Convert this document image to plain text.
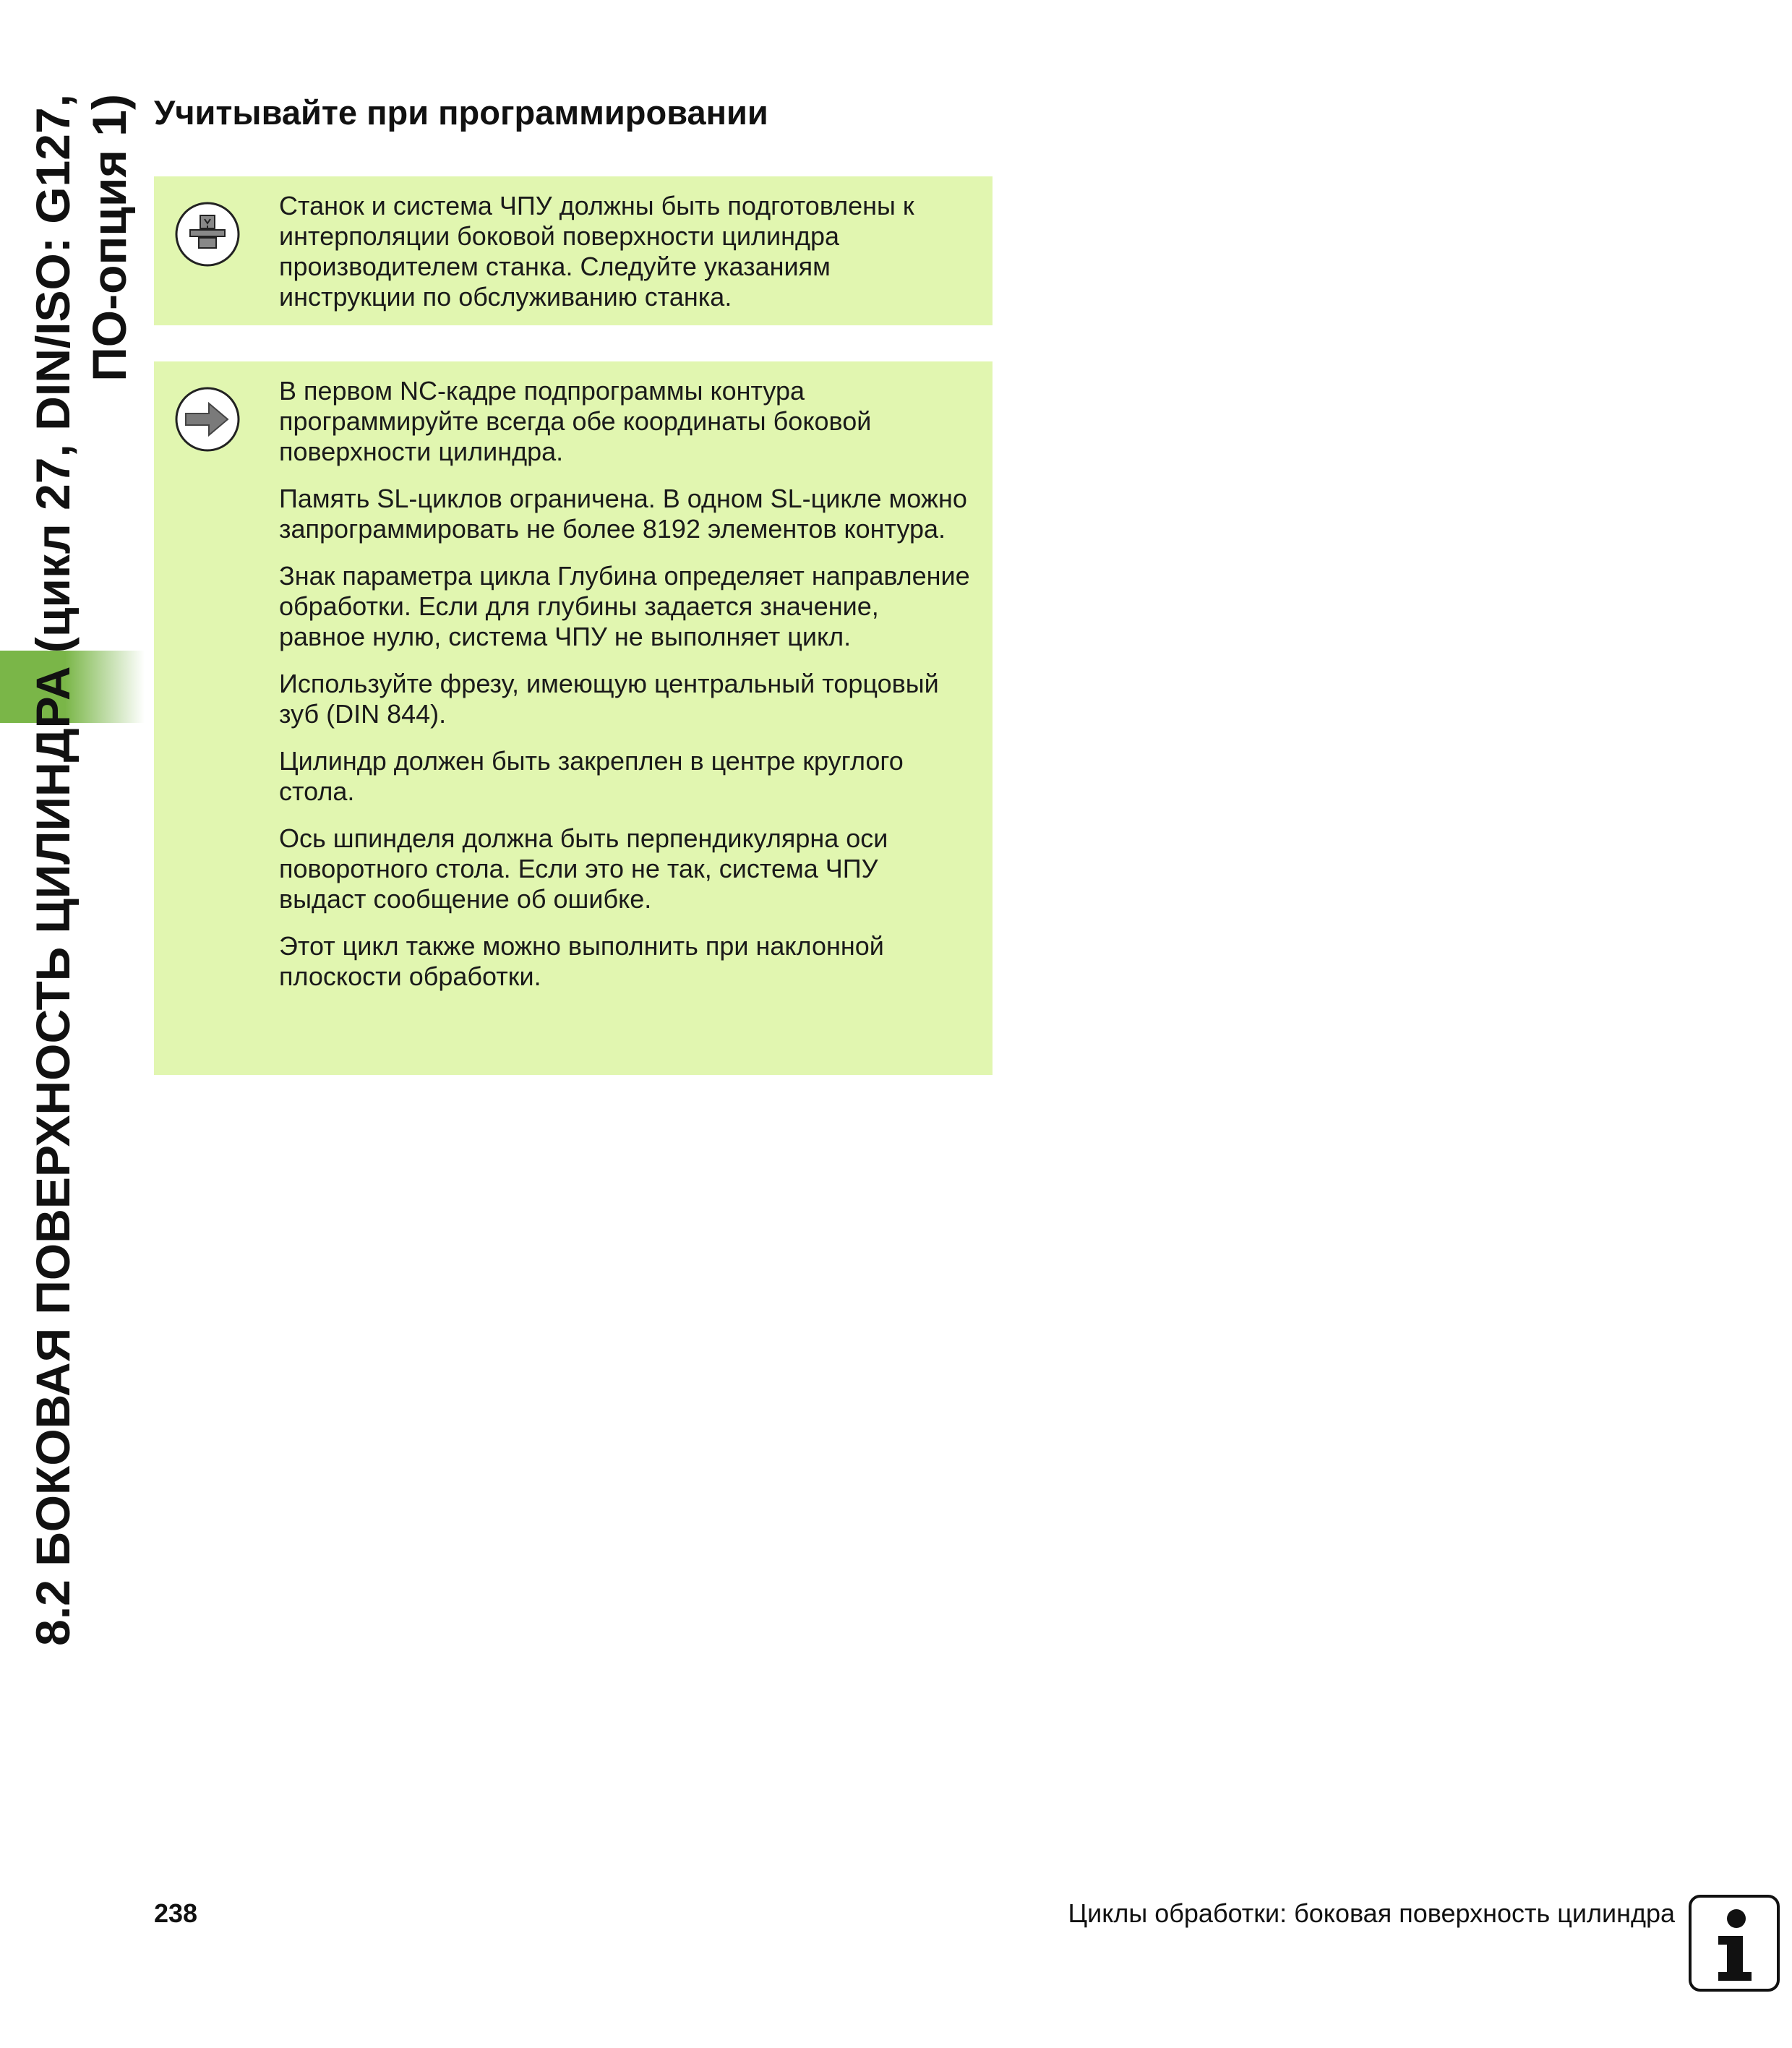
8.2 БОКОВАЯ ПОВЕРХНОСТЬ ЦИЛИНДРА (цикл 27, DIN/ISO: G127, ПО-опция 1) Учитывайте при программировании

Станок и система ЧПУ должны быть подготовлены к интерполяции боковой поверхности цилиндра производителем станка. Следуйте указаниям инструкции по обслуживанию станка.

В первом NC-кадре подпрограммы контура программируйте всегда обе координаты боковой поверхности цилиндра.

Память SL-циклов ограничена. В одном SL-цикле можно запрограммировать не более 8192 элементов контура.

Знак параметра цикла Глубина определяет направление обработки. Если для глубины задается значение, равное нулю, система ЧПУ не выполняет цикл.

Используйте фрезу, имеющую центральный торцовый зуб (DIN 844).

Цилиндр должен быть закреплен в центре круглого стола.

Ось шпинделя должна быть перпендикулярна оси поворотного стола. Если это не так, система ЧПУ выдаст сообщение об ошибке.

Этот цикл также можно выполнить при наклонной плоскости обработки.

238	Циклы обработки: боковая поверхность цилиндра
